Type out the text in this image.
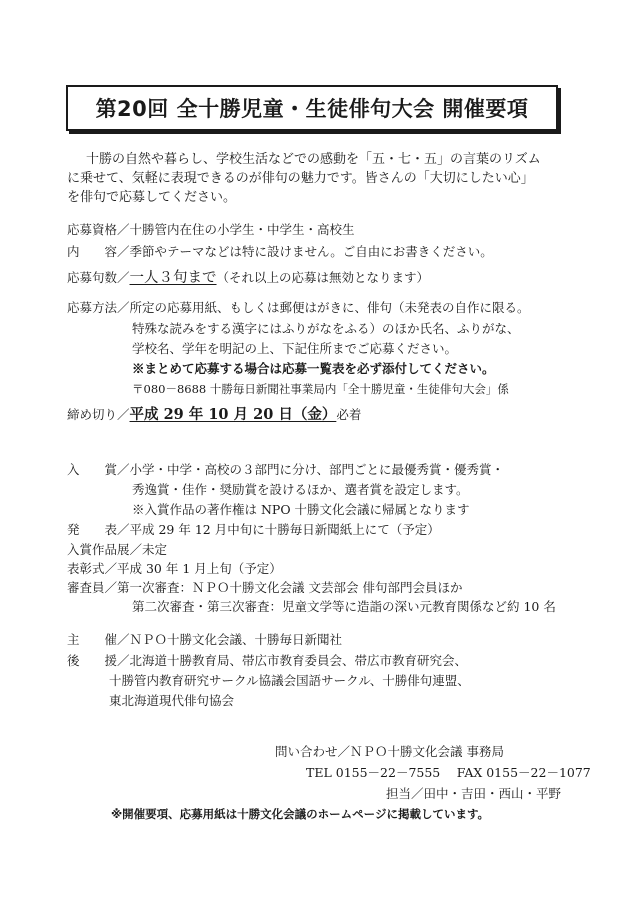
第20回 全十勝児童・生徒俳句大会 開催要項
十勝の自然や暮らし、学校生活などでの感動を「五・七・五」の言葉のリズム
に乗せて、気軽に表現できるのが俳句の魅力です。皆さんの「大切にしたい心」
を俳句で応募してください。
応募資格／十勝管内在住の小学生・中学生・高校生
内　　容／季節やテーマなどは特に設けません。ご自由にお書きください。
応募句数／一人３句まで（それ以上の応募は無効となります）
応募方法／所定の応募用紙、もしくは郵便はがきに、俳句（未発表の自作に限る。
特殊な読みをする漢字にはふりがなをふる）のほか氏名、ふりがな、
学校名、学年を明記の上、下記住所までご応募ください。
※まとめて応募する場合は応募一覧表を必ず添付してください。
〒080－8688 十勝毎日新聞社事業局内「全十勝児童・生徒俳句大会」係
締め切り／平成 29 年 10 月 20 日（金）必着
入　　賞／小学・中学・高校の３部門に分け、部門ごとに最優秀賞・優秀賞・
秀逸賞・佳作・奨励賞を設けるほか、選者賞を設定します。
※入賞作品の著作権は NPO 十勝文化会議に帰属となります
発　　表／平成 29 年 12 月中旬に十勝毎日新聞紙上にて（予定）
入賞作品展／未定
表彰式／平成 30 年 1 月上旬（予定）
審査員／第一次審査：ＮＰＯ十勝文化会議 文芸部会 俳句部門会員ほか
第二次審査・第三次審査：児童文学等に造詣の深い元教育関係など約 10 名
主　　催／ＮＰＯ十勝文化会議、十勝毎日新聞社
後　　援／北海道十勝教育局、帯広市教育委員会、帯広市教育研究会、
十勝管内教育研究サークル協議会国語サークル、十勝俳句連盟、
東北海道現代俳句協会
問い合わせ／ＮＰＯ十勝文化会議 事務局
TEL 0155－22－7555　 FAX 0155－22－1077
担当／田中・吉田・西山・平野
※開催要項、応募用紙は十勝文化会議のホームページに掲載しています。
